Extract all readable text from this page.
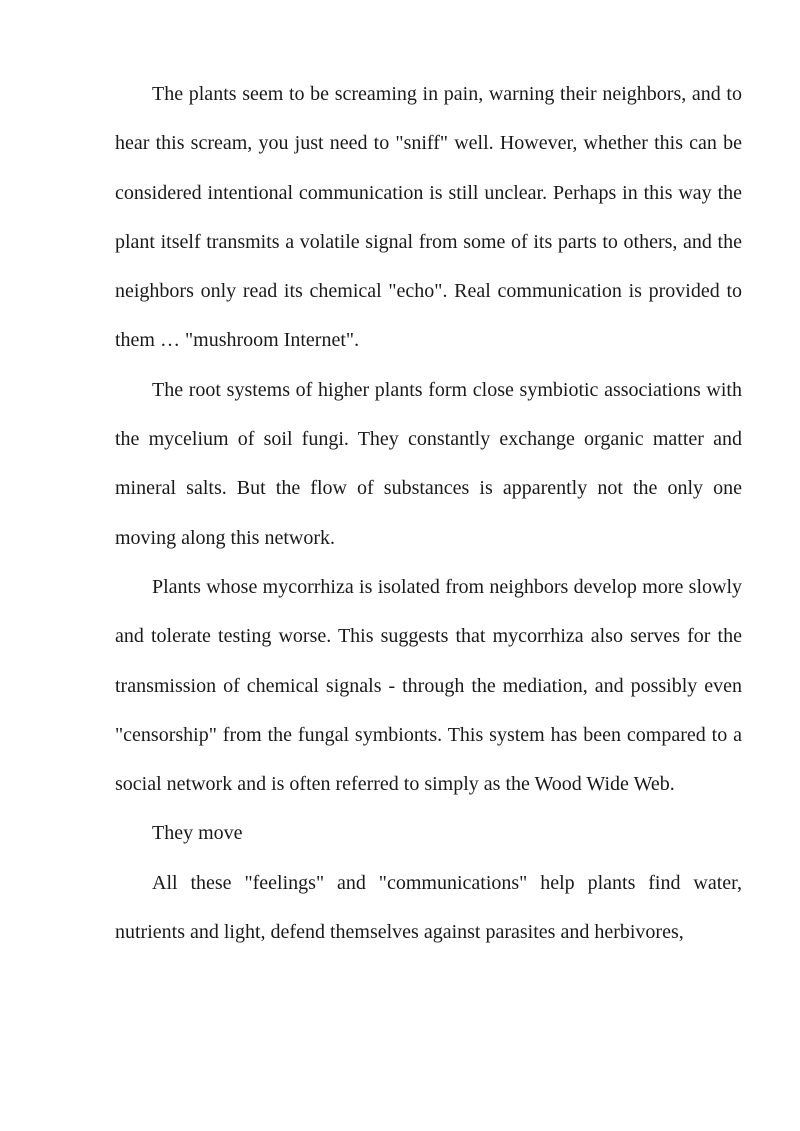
The plants seem to be screaming in pain, warning their neighbors, and to hear this scream, you just need to "sniff" well. However, whether this can be considered intentional communication is still unclear. Perhaps in this way the plant itself transmits a volatile signal from some of its parts to others, and the neighbors only read its chemical "echo". Real communication is provided to them … "mushroom Internet".

The root systems of higher plants form close symbiotic associations with the mycelium of soil fungi. They constantly exchange organic matter and mineral salts. But the flow of substances is apparently not the only one moving along this network.

Plants whose mycorrhiza is isolated from neighbors develop more slowly and tolerate testing worse. This suggests that mycorrhiza also serves for the transmission of chemical signals - through the mediation, and possibly even "censorship" from the fungal symbionts. This system has been compared to a social network and is often referred to simply as the Wood Wide Web.

They move

All these "feelings" and "communications" help plants find water, nutrients and light, defend themselves against parasites and herbivores,
